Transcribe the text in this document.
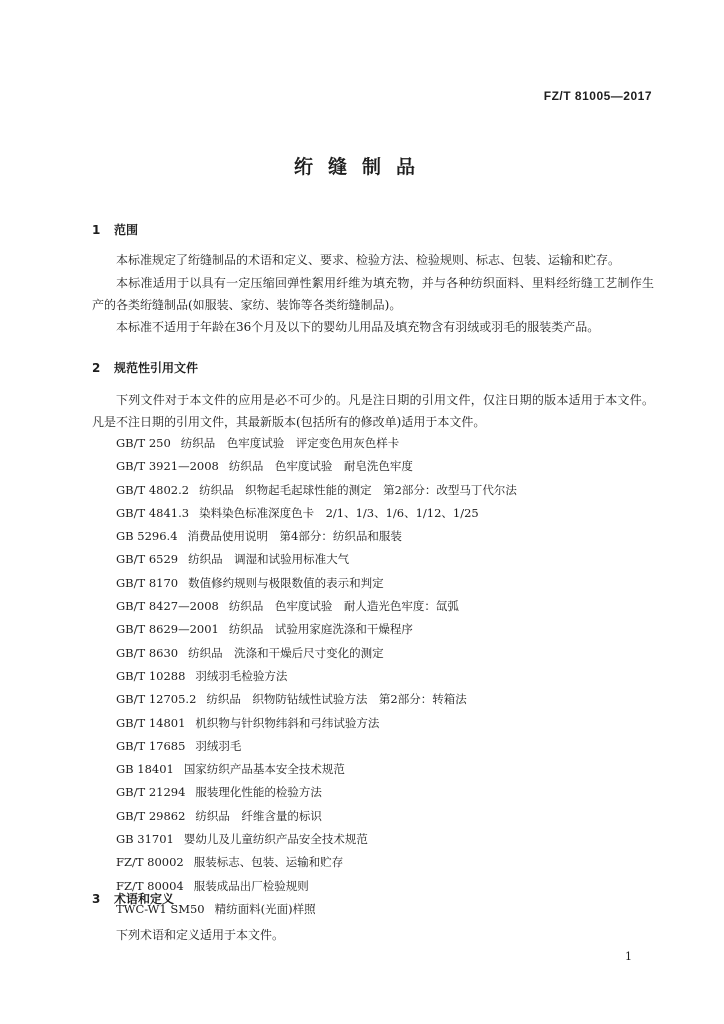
FZ/T 81005—2017
绗缝制品
1 范围
本标准规定了绗缝制品的术语和定义、要求、检验方法、检验规则、标志、包装、运输和贮存。
本标准适用于以具有一定压缩回弹性絮用纤维为填充物，并与各种纺织面料、里料经绗缝工艺制作生产的各类绗缝制品(如服装、家纺、装饰等各类绗缝制品)。
本标准不适用于年龄在36个月及以下的婴幼儿用品及填充物含有羽绒或羽毛的服装类产品。
2 规范性引用文件
下列文件对于本文件的应用是必不可少的。凡是注日期的引用文件，仅注日期的版本适用于本文件。凡是不注日期的引用文件，其最新版本(包括所有的修改单)适用于本文件。
GB/T 250 纺织品　色牢度试验　评定变色用灰色样卡
GB/T 3921—2008 纺织品　色牢度试验　耐皂洗色牢度
GB/T 4802.2 纺织品　织物起毛起球性能的测定　第2部分：改型马丁代尔法
GB/T 4841.3 染料染色标准深度色卡　2/1、1/3、1/6、1/12、1/25
GB 5296.4 消费品使用说明　第4部分：纺织品和服装
GB/T 6529 纺织品　调湿和试验用标准大气
GB/T 8170 数值修约规则与极限数值的表示和判定
GB/T 8427—2008 纺织品　色牢度试验　耐人造光色牢度：氙弧
GB/T 8629—2001 纺织品　试验用家庭洗涤和干燥程序
GB/T 8630 纺织品　洗涤和干燥后尺寸变化的测定
GB/T 10288 羽绒羽毛检验方法
GB/T 12705.2 纺织品　织物防钻绒性试验方法　第2部分：转箱法
GB/T 14801 机织物与针织物纬斜和弓纬试验方法
GB/T 17685 羽绒羽毛
GB 18401 国家纺织产品基本安全技术规范
GB/T 21294 服装理化性能的检验方法
GB/T 29862 纺织品　纤维含量的标识
GB 31701 婴幼儿及儿童纺织产品安全技术规范
FZ/T 80002 服装标志、包装、运输和贮存
FZ/T 80004 服装成品出厂检验规则
TWC-W1 SM50 精纺面料(光面)样照
3 术语和定义
下列术语和定义适用于本文件。
1
